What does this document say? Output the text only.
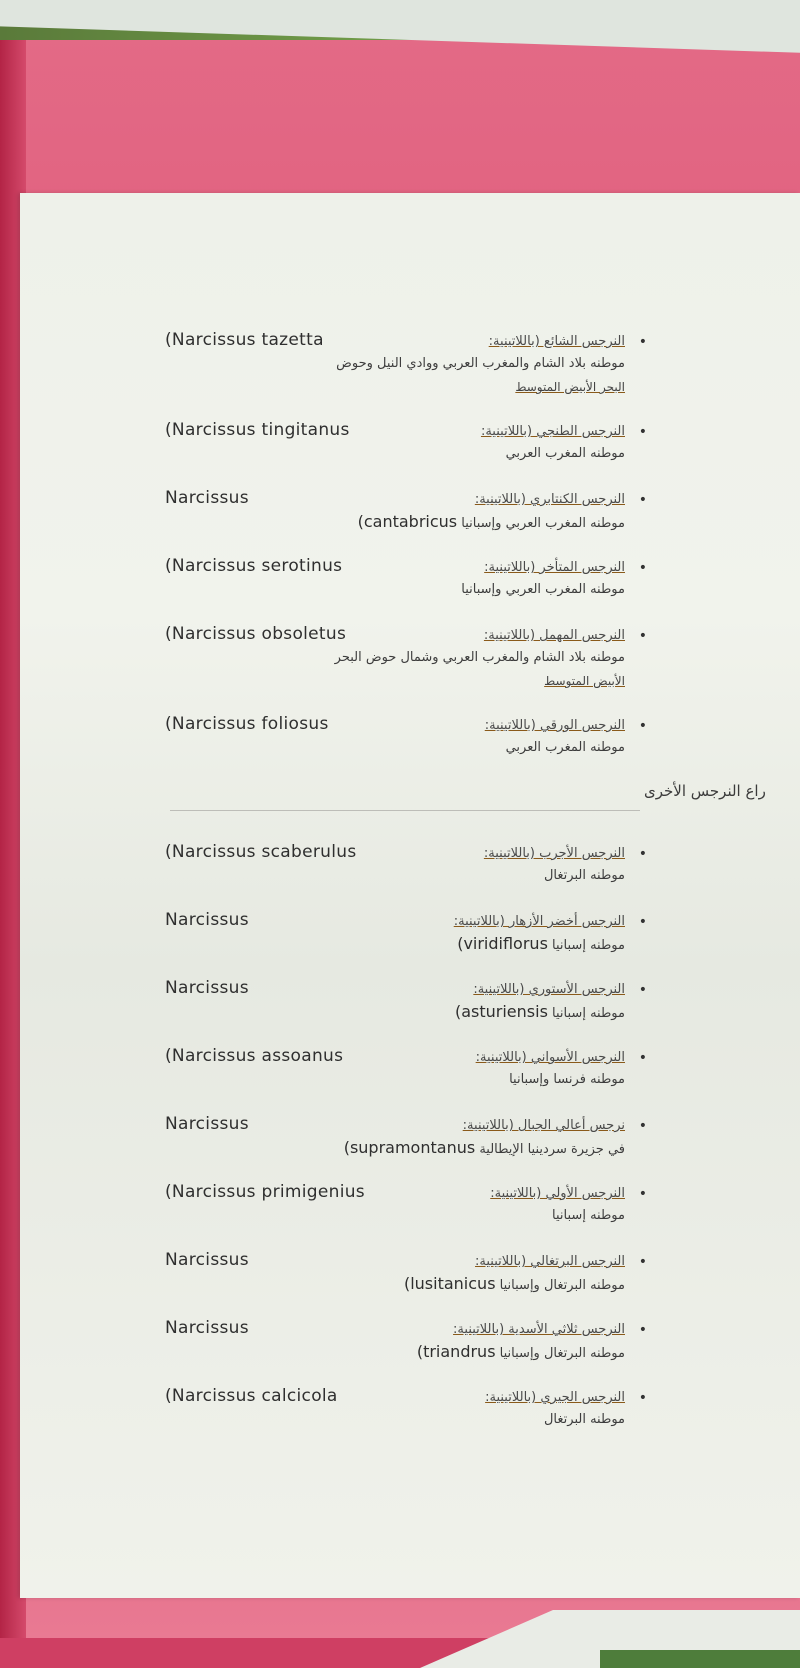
•
(Narcissus tazetta	النرجس الشائع (باللاتينية:
موطنه بلاد الشام والمغرب العربي ووادي النيل وحوض
البحر الأبيض المتوسط
•
(Narcissus tingitanus	النرجس الطنجي (باللاتينية:
موطنه المغرب العربي
•
Narcissus	النرجس الكنتابري (باللاتينية:
موطنه المغرب العربي وإسبانيا cantabricus)
•
(Narcissus serotinus	النرجس المتأخر (باللاتينية:
موطنه المغرب العربي وإسبانيا
•
(Narcissus obsoletus	النرجس المهمل (باللاتينية:
موطنه بلاد الشام والمغرب العربي وشمال حوض البحر
الأبيض المتوسط
•
(Narcissus foliosus	النرجس الورقي (باللاتينية:
موطنه المغرب العربي
راع النرجس الأخرى
•
(Narcissus scaberulus	النرجس الأجرب (باللاتينية:
موطنه البرتغال
•
Narcissus	النرجس أخضر الأزهار (باللاتينية:
موطنه إسبانيا viridiflorus)
•
Narcissus	النرجس الأستوري (باللاتينية:
موطنه إسبانيا asturiensis)
•
(Narcissus assoanus	النرجس الأسواني (باللاتينية:
موطنه فرنسا وإسبانيا
•
Narcissus	نرجس أعالي الجبال (باللاتينية:
في جزيرة سردينيا الإيطالية supramontanus)
•
(Narcissus primigenius	النرجس الأولي (باللاتينية:
موطنه إسبانيا
•
Narcissus	النرجس البرتغالي (باللاتينية:
موطنه البرتغال وإسبانيا lusitanicus)
•
Narcissus	النرجس ثلاثي الأسدية (باللاتينية:
موطنه البرتغال وإسبانيا triandrus)
•
(Narcissus calcicola	النرجس الجيري (باللاتينية:
موطنه البرتغال
